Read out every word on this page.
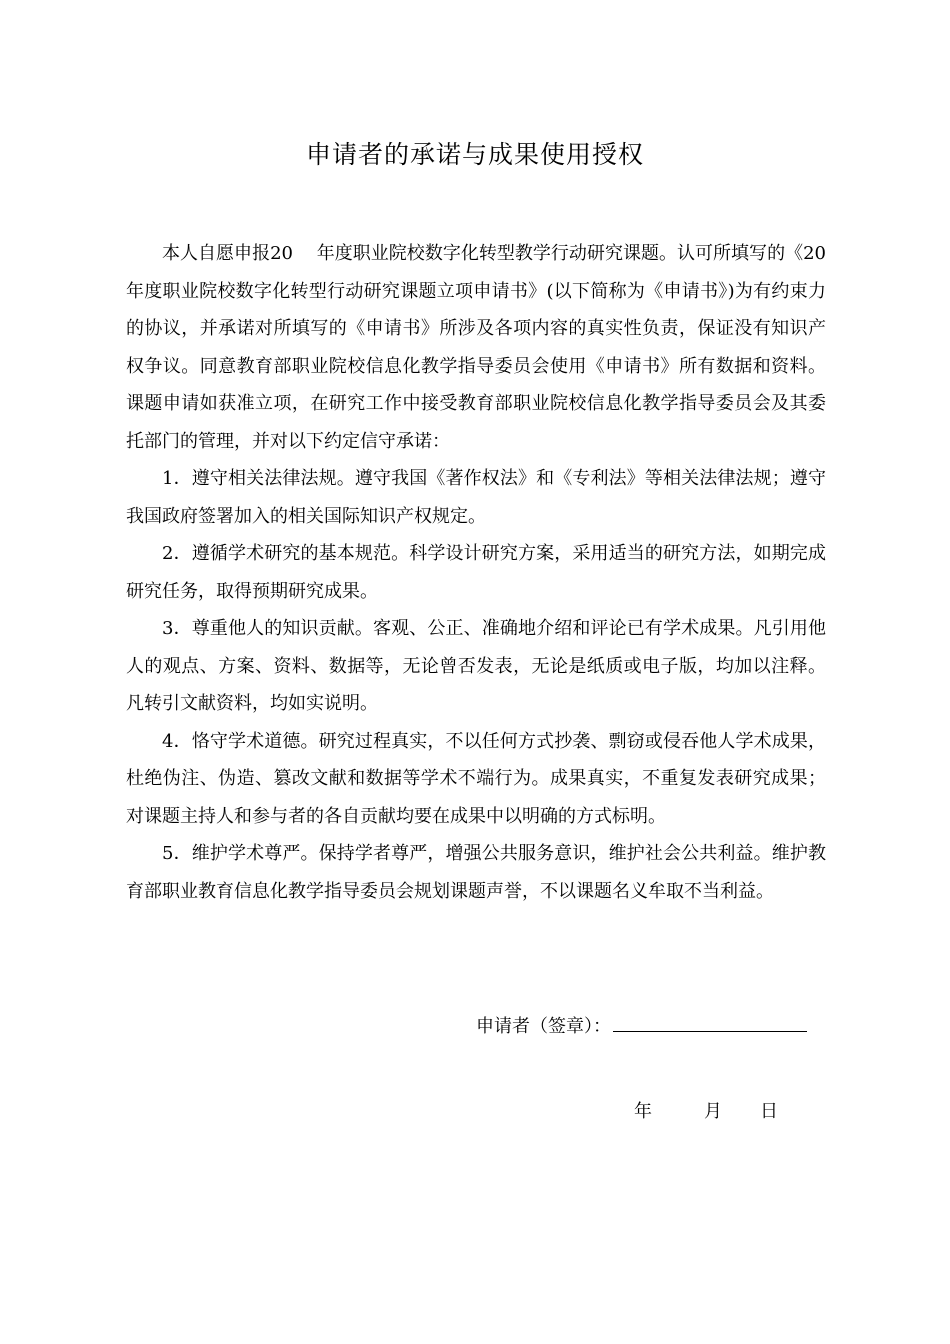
申请者的承诺与成果使用授权

本人自愿申报20　 年度职业院校数字化转型教学行动研究课题。认可所填写的《20　年度职业院校数字化转型行动研究课题立项申请书》(以下简称为《申请书》)为有约束力的协议，并承诺对所填写的《申请书》所涉及各项内容的真实性负责，保证没有知识产权争议。同意教育部职业院校信息化教学指导委员会使用《申请书》所有数据和资料。课题申请如获准立项，在研究工作中接受教育部职业院校信息化教学指导委员会及其委托部门的管理，并对以下约定信守承诺：

1．遵守相关法律法规。遵守我国《著作权法》和《专利法》等相关法律法规；遵守我国政府签署加入的相关国际知识产权规定。

2．遵循学术研究的基本规范。科学设计研究方案，采用适当的研究方法，如期完成研究任务，取得预期研究成果。

3．尊重他人的知识贡献。客观、公正、准确地介绍和评论已有学术成果。凡引用他人的观点、方案、资料、数据等，无论曾否发表，无论是纸质或电子版，均加以注释。凡转引文献资料，均如实说明。

4．恪守学术道德。研究过程真实，不以任何方式抄袭、剽窃或侵吞他人学术成果，杜绝伪注、伪造、篡改文献和数据等学术不端行为。成果真实，不重复发表研究成果；对课题主持人和参与者的各自贡献均要在成果中以明确的方式标明。

5．维护学术尊严。保持学者尊严，增强公共服务意识，维护社会公共利益。维护教育部职业教育信息化教学指导委员会规划课题声誉，不以课题名义牟取不当利益。

申请者（签章）：
年	月 日
